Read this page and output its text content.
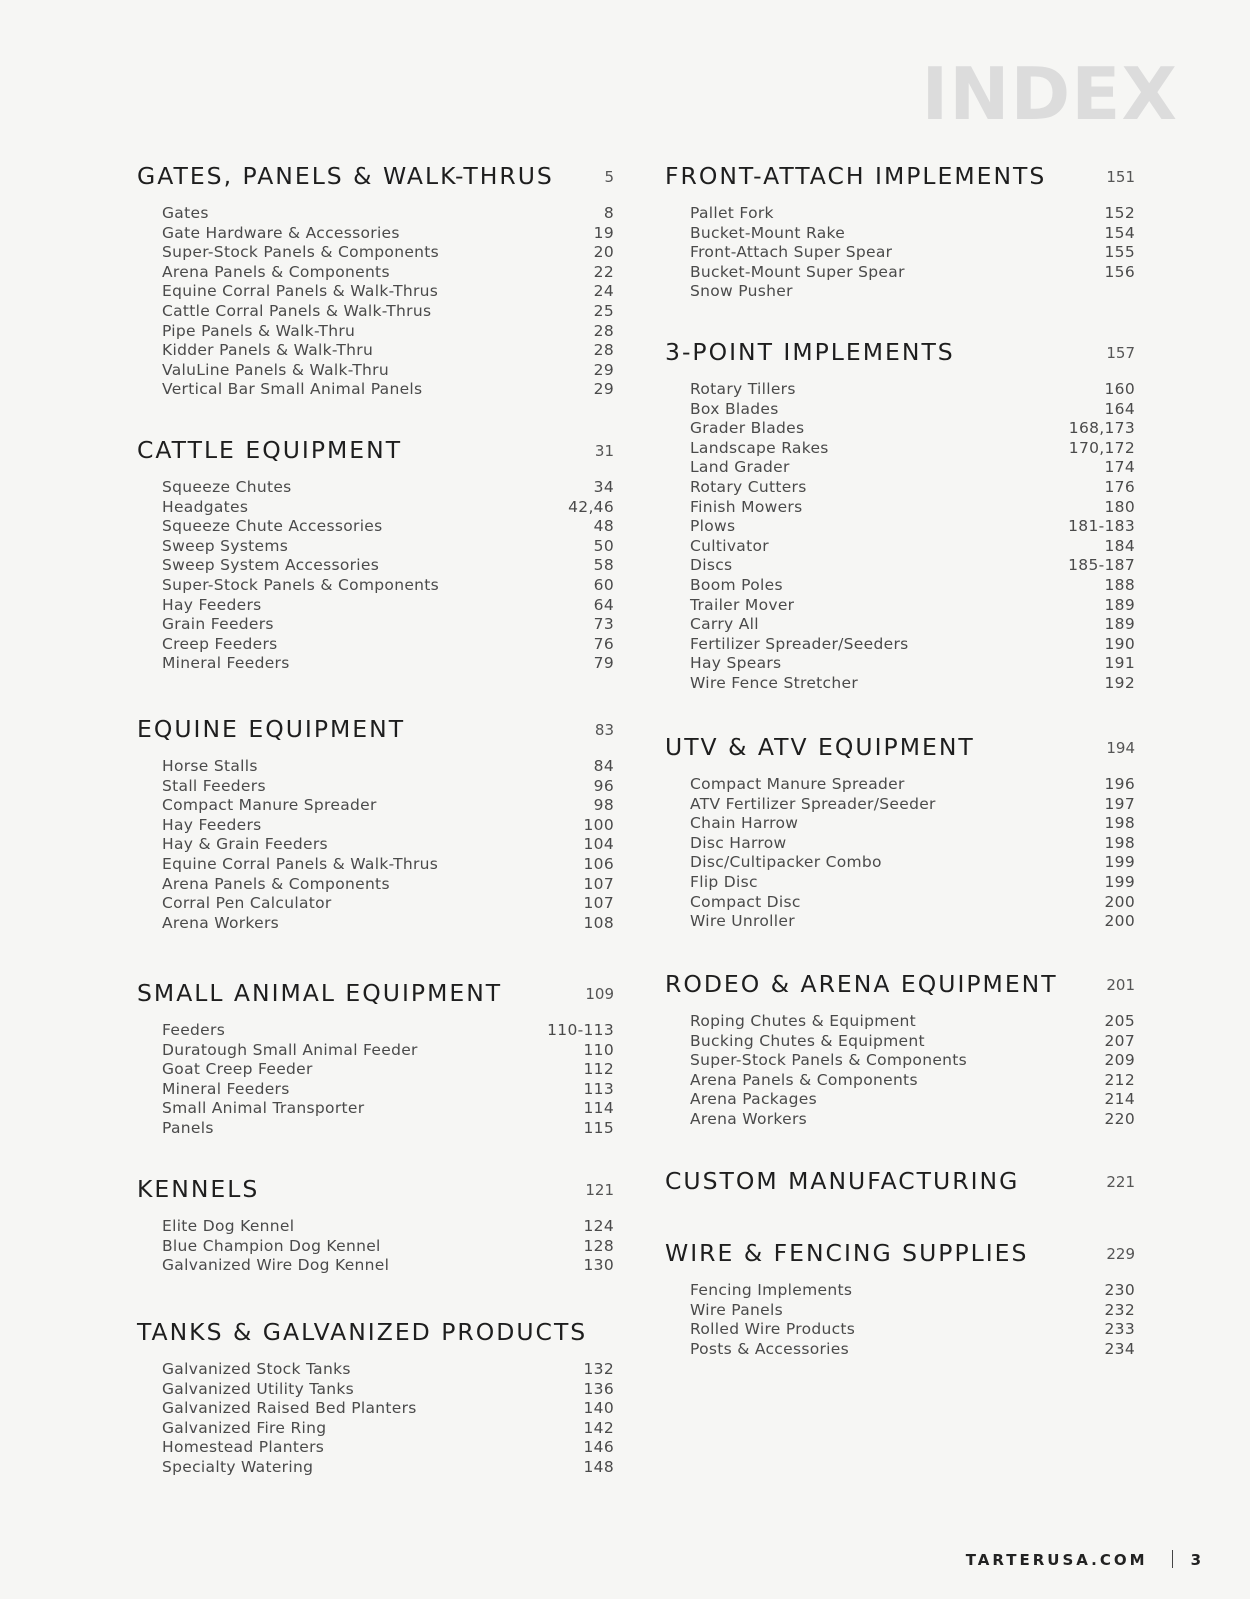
INDEX
GATES, PANELS & WALK-THRUS	5
Gates	8
Gate Hardware & Accessories	19
Super-Stock Panels & Components	20
Arena Panels & Components	22
Equine Corral Panels & Walk-Thrus	24
Cattle Corral Panels & Walk-Thrus	25
Pipe Panels & Walk-Thru	28
Kidder Panels & Walk-Thru	28
ValuLine Panels & Walk-Thru	29
Vertical Bar Small Animal Panels	29
CATTLE EQUIPMENT	31
Squeeze Chutes	34
Headgates	42,46
Squeeze Chute Accessories	48
Sweep Systems	50
Sweep System Accessories	58
Super-Stock Panels & Components	60
Hay Feeders	64
Grain Feeders	73
Creep Feeders	76
Mineral Feeders	79
EQUINE EQUIPMENT	83
Horse Stalls	84
Stall Feeders	96
Compact Manure Spreader	98
Hay Feeders	100
Hay & Grain Feeders	104
Equine Corral Panels & Walk-Thrus	106
Arena Panels & Components	107
Corral Pen Calculator	107
Arena Workers	108
SMALL ANIMAL EQUIPMENT	109
Feeders	110-113
Duratough Small Animal Feeder	110
Goat Creep Feeder	112
Mineral Feeders	113
Small Animal Transporter	114
Panels	115
KENNELS	121
Elite Dog Kennel	124
Blue Champion Dog Kennel	128
Galvanized Wire Dog Kennel	130
TANKS & GALVANIZED PRODUCTS
Galvanized Stock Tanks	132
Galvanized Utility Tanks	136
Galvanized Raised Bed Planters	140
Galvanized Fire Ring	142
Homestead Planters	146
Specialty Watering	148
FRONT-ATTACH IMPLEMENTS	151
Pallet Fork	152
Bucket-Mount Rake	154
Front-Attach Super Spear	155
Bucket-Mount Super Spear	156
Snow Pusher
3-POINT IMPLEMENTS	157
Rotary Tillers	160
Box Blades	164
Grader Blades	168,173
Landscape Rakes	170,172
Land Grader	174
Rotary Cutters	176
Finish Mowers	180
Plows	181-183
Cultivator	184
Discs	185-187
Boom Poles	188
Trailer Mover	189
Carry All	189
Fertilizer Spreader/Seeders	190
Hay Spears	191
Wire Fence Stretcher	192
UTV & ATV EQUIPMENT	194
Compact Manure Spreader	196
ATV Fertilizer Spreader/Seeder	197
Chain Harrow	198
Disc Harrow	198
Disc/Cultipacker Combo	199
Flip Disc	199
Compact Disc	200
Wire Unroller	200
RODEO & ARENA EQUIPMENT	201
Roping Chutes & Equipment	205
Bucking Chutes & Equipment	207
Super-Stock Panels & Components	209
Arena Panels & Components	212
Arena Packages	214
Arena Workers	220
CUSTOM MANUFACTURING	221
WIRE & FENCING SUPPLIES	229
Fencing Implements	230
Wire Panels	232
Rolled Wire Products	233
Posts & Accessories	234
TARTERUSA.COM	3
